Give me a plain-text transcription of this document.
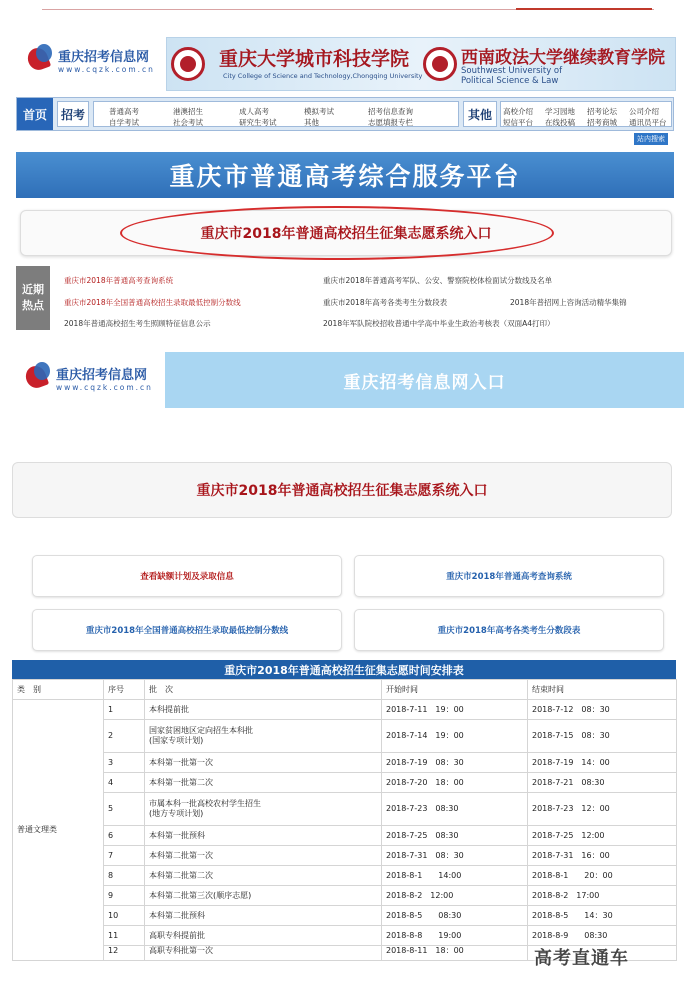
重庆招考信息网
www.cqzk.com.cn	重庆大学城市科技学院
City College of Science and Technology,Chongqing University
西南政法大学继续教育学院
Southwest University of
Political Science & Law
首页	招考	普通高考
自学考试
港澳招生
社会考试
成人高考
研究生考试
模拟考试
其他
招考信息查询
志愿填报专栏
其他	高校介绍 学习园地 招考论坛 公司介绍
短信平台 在线投稿 招考商城 通讯员平台
站内搜索
重庆市普通高考综合服务平台
重庆市2018年普通高校招生征集志愿系统入口
近期
热点
重庆市2018年普通高考查询系统	重庆市2018年普通高考军队、公安、警察院校体检面试分数线及名单
重庆市2018年全国普通高校招生录取最低控制分数线	重庆市2018年高考各类考生分数段表	2018年普招网上咨询活动精华集锦
2018年普通高校招生考生照顾特征信息公示	2018年军队院校招收普通中学高中毕业生政治考核表（双面A4打印）
重庆招考信息网
www.cqzk.com.cn	重庆招考信息网入口
重庆市2018年普通高校招生征集志愿系统入口
查看缺额计划及录取信息	重庆市2018年普通高考查询系统
重庆市2018年全国普通高校招生录取最低控制分数线	重庆市2018年高考各类考生分数段表
重庆市2018年普通高校招生征集志愿时间安排表
类　别	序号	批　次	开始时间	结束时间
普通文理类	1	本科提前批	2018-7-11　19：00	2018-7-12　08：30
	2	国家贫困地区定向招生本科批
(国家专项计划)	2018-7-14　19：00	2018-7-15　08：30
	3	本科第一批第一次	2018-7-19　08：30	2018-7-19　14：00
	4	本科第一批第二次	2018-7-20　18：00	2018-7-21　08:30
	5	市属本科一批高校农村学生招生
(地方专项计划)	2018-7-23　08:30	2018-7-23　12：00
	6	本科第一批预科	2018-7-25　08:30	2018-7-25　12:00
	7	本科第二批第一次	2018-7-31　08：30	2018-7-31　16：00
	8	本科第二批第二次	2018-8-1　　14:00	2018-8-1　　20：00
	9	本科第二批第三次(顺序志愿)	2018-8-2　12:00	2018-8-2　17:00
	10	本科第二批预科	2018-8-5　　08:30	2018-8-5　　14：30
	11	高职专科提前批	2018-8-8　　19:00	2018-8-9　　08:30
	12	高职专科批第一次	2018-8-11　18：00		高考直通车
